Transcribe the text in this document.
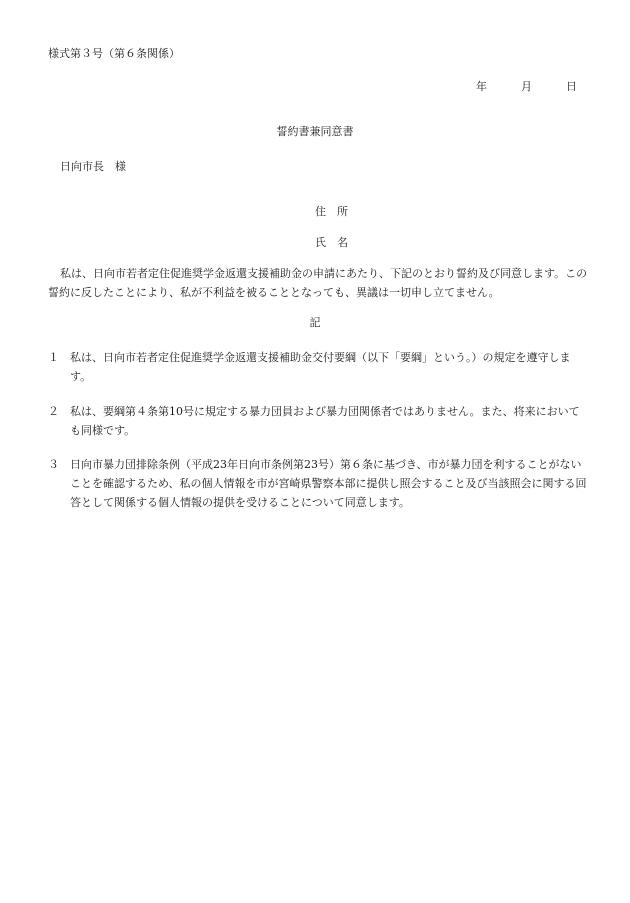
様式第３号（第６条関係）
年	月	日
誓約書兼同意書
日向市長　様
住　所
氏　名
私は、日向市若者定住促進奨学金返還支援補助金の申請にあたり、下記のとおり誓約及び同意します。この誓約に反したことにより、私が不利益を被ることとなっても、異議は一切申し立てません。
記
１	私は、日向市若者定住促進奨学金返還支援補助金交付要綱（以下「要綱」という。）の規定を遵守します。
２	私は、要綱第４条第10号に規定する暴力団員および暴力団関係者ではありません。また、将来においても同様です。
３	日向市暴力団排除条例（平成23年日向市条例第23号）第６条に基づき、市が暴力団を利することがないことを確認するため、私の個人情報を市が宮崎県警察本部に提供し照会すること及び当該照会に関する回答として関係する個人情報の提供を受けることについて同意します。
